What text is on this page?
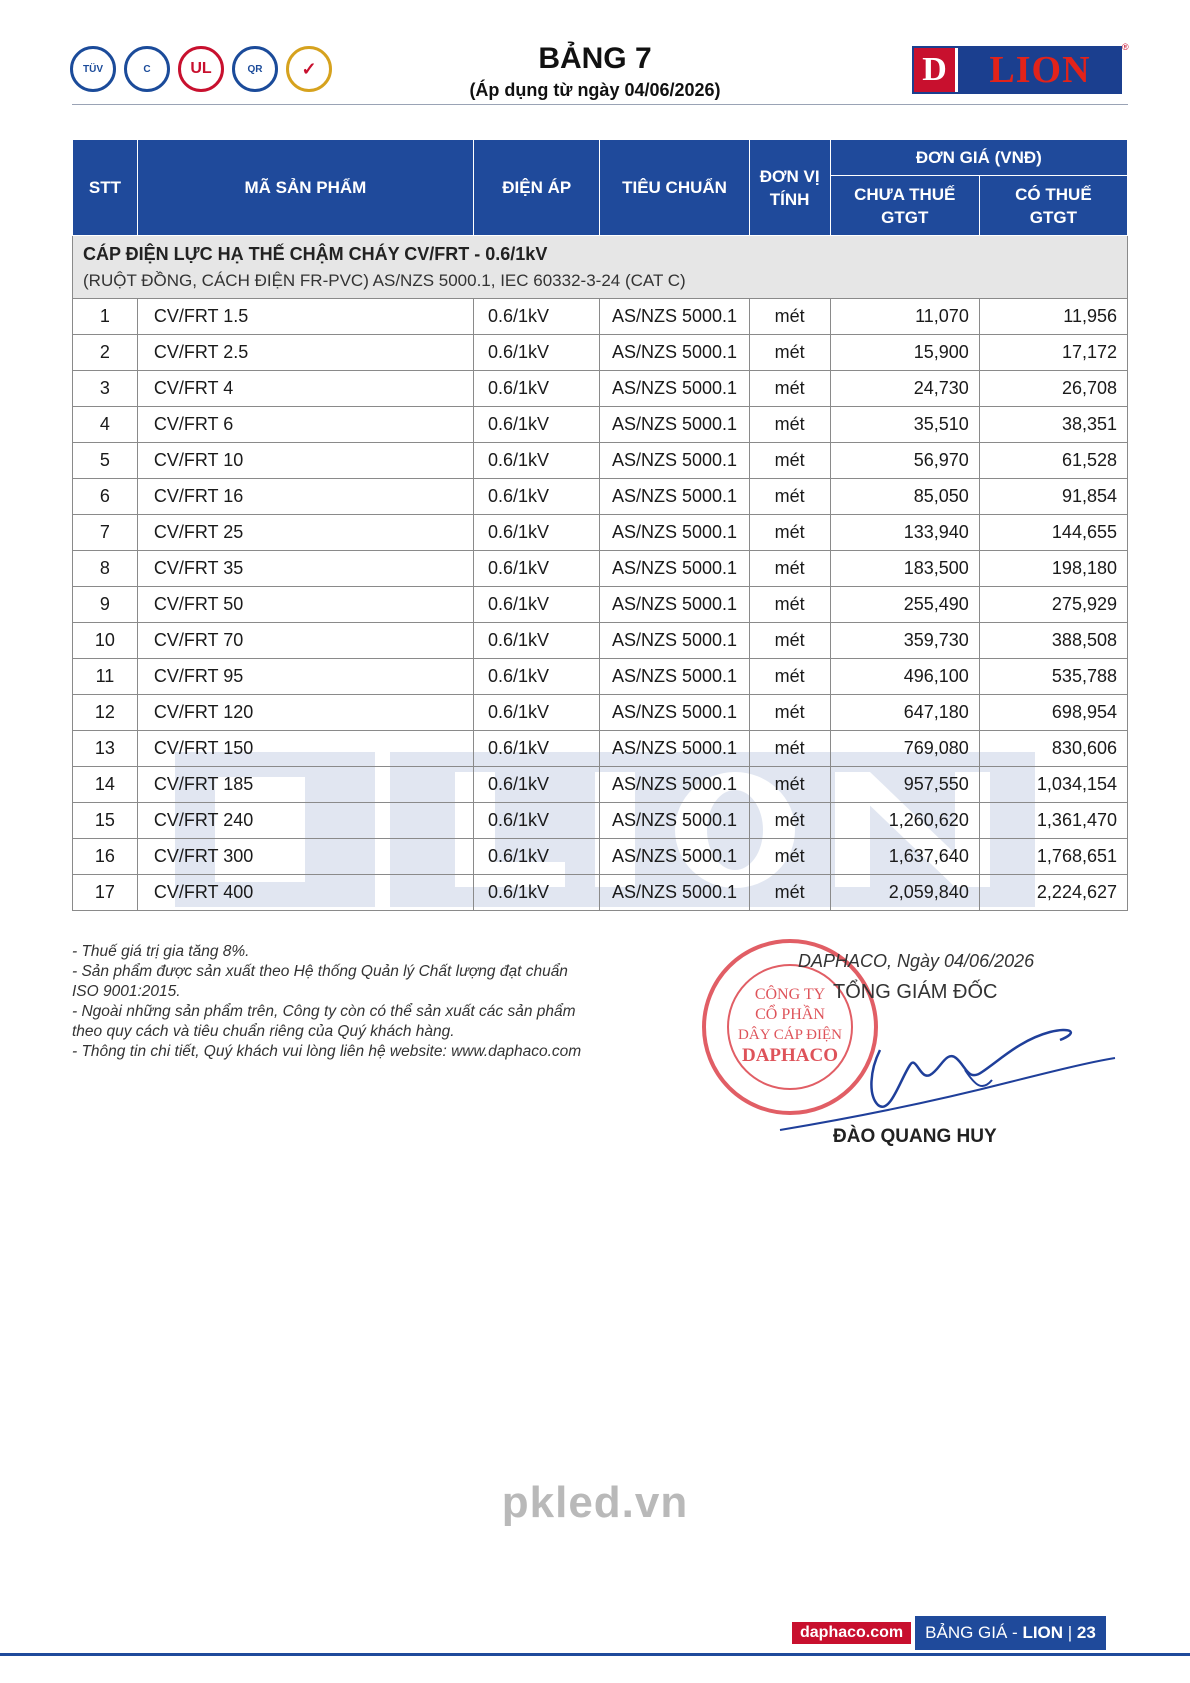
TÜV	C	UL	QR	✓	BẢNG 7
(Áp dụng từ ngày 04/06/2026)
D	LION
®
STT	MÃ SẢN PHẨM	ĐIỆN ÁP	TIÊU CHUẨN	ĐƠN VỊ TÍNH	ĐƠN GIÁ (VNĐ)	
					CHƯA THUẾ GTGT	CÓ THUẾ GTGT

CÁP ĐIỆN LỰC HẠ THẾ CHẬM CHÁY CV/FRT - 0.6/1kV
(RUỘT ĐỒNG, CÁCH ĐIỆN FR-PVC) AS/NZS 5000.1, IEC 60332-3-24 (CAT C)						

1	CV/FRT 1.5	0.6/1kV	AS/NZS 5000.1	mét	11,070	11,956
2	CV/FRT 2.5	0.6/1kV	AS/NZS 5000.1	mét	15,900	17,172
3	CV/FRT 4	0.6/1kV	AS/NZS 5000.1	mét	24,730	26,708
4	CV/FRT 6	0.6/1kV	AS/NZS 5000.1	mét	35,510	38,351
5	CV/FRT 10	0.6/1kV	AS/NZS 5000.1	mét	56,970	61,528
6	CV/FRT 16	0.6/1kV	AS/NZS 5000.1	mét	85,050	91,854
7	CV/FRT 25	0.6/1kV	AS/NZS 5000.1	mét	133,940	144,655
8	CV/FRT 35	0.6/1kV	AS/NZS 5000.1	mét	183,500	198,180
9	CV/FRT 50	0.6/1kV	AS/NZS 5000.1	mét	255,490	275,929
10	CV/FRT 70	0.6/1kV	AS/NZS 5000.1	mét	359,730	388,508
11	CV/FRT 95	0.6/1kV	AS/NZS 5000.1	mét	496,100	535,788
12	CV/FRT 120	0.6/1kV	AS/NZS 5000.1	mét	647,180	698,954
13	CV/FRT 150	0.6/1kV	AS/NZS 5000.1	mét	769,080	830,606
14	CV/FRT 185	0.6/1kV	AS/NZS 5000.1	mét	957,550	1,034,154
15	CV/FRT 240	0.6/1kV	AS/NZS 5000.1	mét	1,260,620	1,361,470
16	CV/FRT 300	0.6/1kV	AS/NZS 5000.1	mét	1,637,640	1,768,651
17	CV/FRT 400	0.6/1kV	AS/NZS 5000.1	mét	2,059,840	2,224,627
- Thuế giá trị gia tăng 8%.
- Sản phẩm được sản xuất theo Hệ thống Quản lý Chất lượng đạt chuẩn
ISO 9001:2015.
- Ngoài những sản phẩm trên, Công ty còn có thể sản xuất các sản phẩm
theo quy cách và tiêu chuẩn riêng của Quý khách hàng.
- Thông tin chi tiết, Quý khách vui lòng liên hệ website: www.daphaco.com
CÔNG TY
CỔ PHẦN
DÂY CÁP ĐIỆN
DAPHACO
DAPHACO, Ngày 04/06/2026
TỔNG GIÁM ĐỐC
ĐÀO QUANG HUY
pkled.vn
daphaco.com	BẢNG GIÁ - LION | 23
